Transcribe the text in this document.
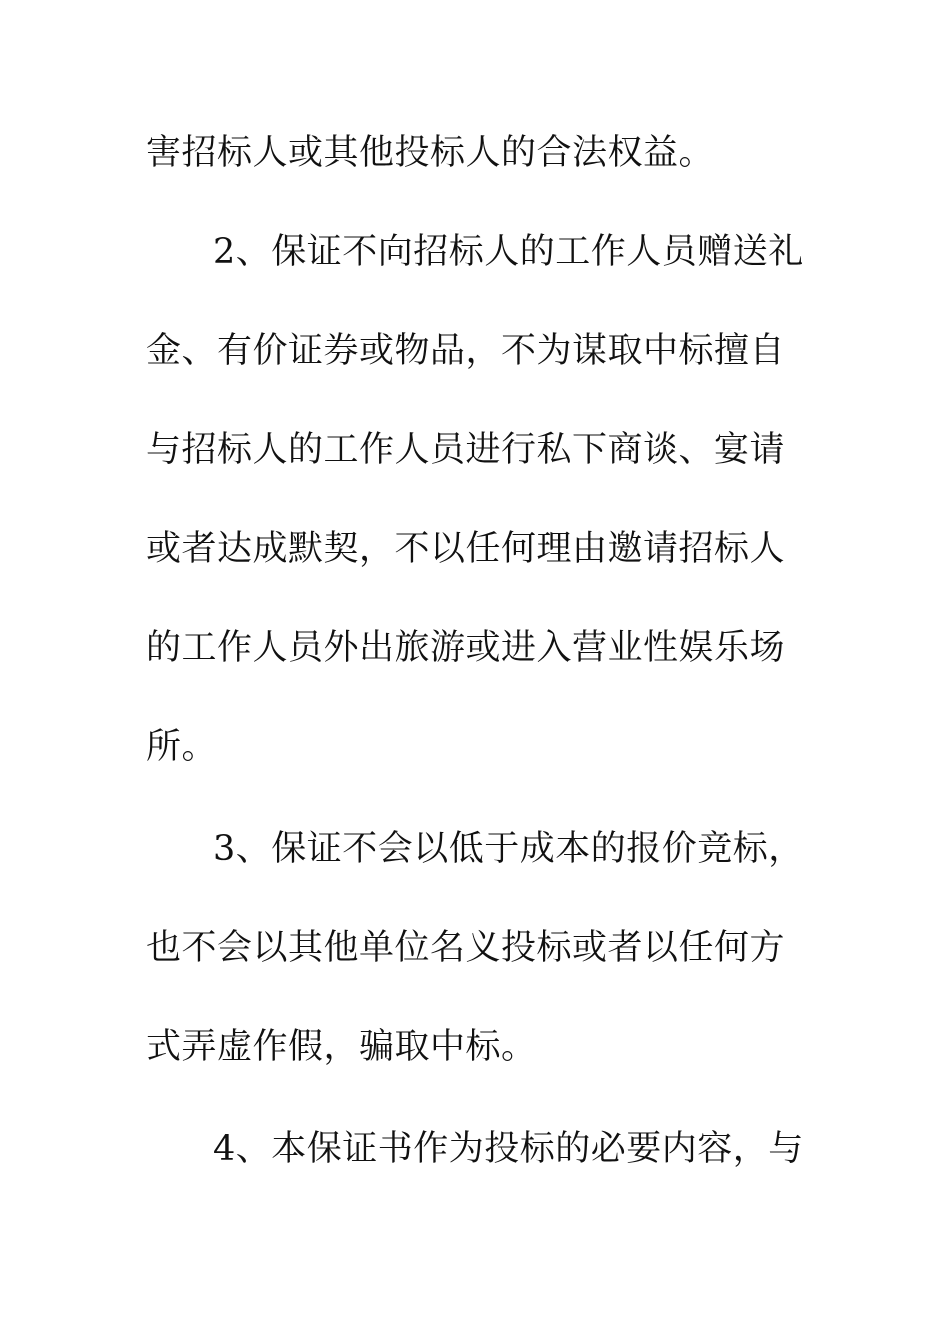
害招标人或其他投标人的合法权益。
2、保证不向招标人的工作人员赠送礼
金、有价证券或物品，不为谋取中标擅自
与招标人的工作人员进行私下商谈、宴请
或者达成默契，不以任何理由邀请招标人
的工作人员外出旅游或进入营业性娱乐场
所。
3、保证不会以低于成本的报价竞标，
也不会以其他单位名义投标或者以任何方
式弄虚作假，骗取中标。
4、本保证书作为投标的必要内容，与
